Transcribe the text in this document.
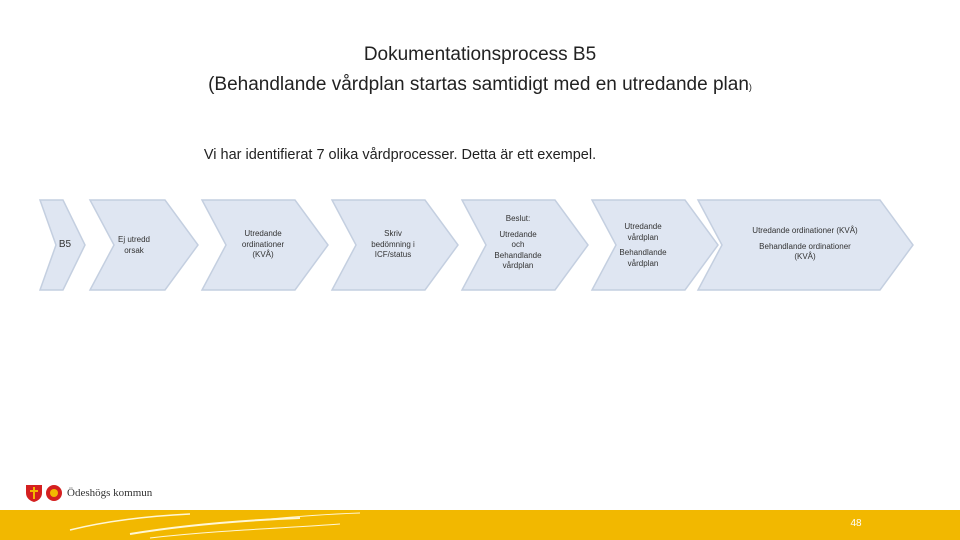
Dokumentationsprocess B5
(Behandlande vårdplan startas samtidigt med en utredande plan)
Vi har identifierat 7 olika vårdprocesser. Detta är ett exempel.
B5	Ej utredd
orsak
Utredande
ordinationer
(KVÅ)
Skriv
bedömning i
ICF/status
Beslut:
Utredande
och
Behandlande
vårdplan
Utredande
vårdplan
Behandlande
vårdplan
Utredande ordinationer (KVÅ)
Behandlande ordinationer
(KVÅ)
Ödeshögs kommun
48
